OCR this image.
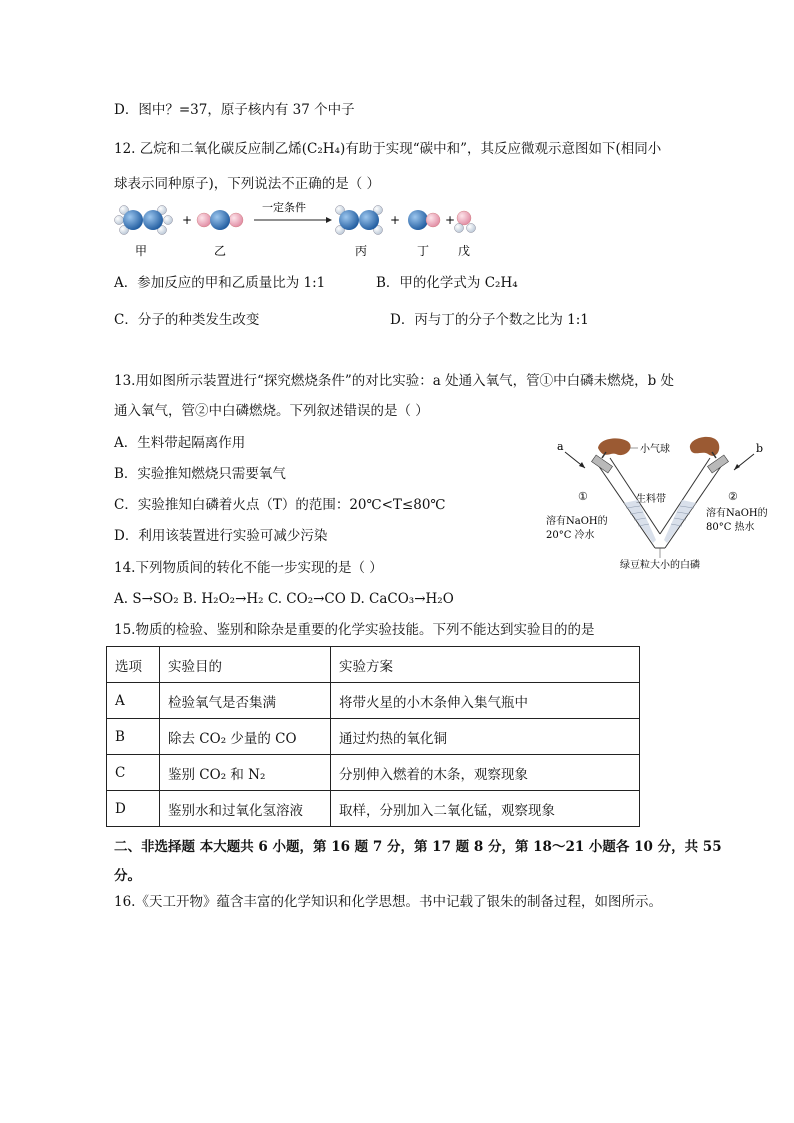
D．图中？=37，原子核内有 37 个中子
12. 乙烷和二氧化碳反应制乙烯(C₂H₄)有助于实现“碳中和”，其反应微观示意图如下(相同小
球表示同种原子)，下列说法不正确的是（ ）
+
一定条件
+	+
甲	乙	丙	丁 戊
A．参加反应的甲和乙质量比为 1:1	B．甲的化学式为 C₂H₄
C．分子的种类发生改变	D．丙与丁的分子个数之比为 1:1
13.用如图所示装置进行“探究燃烧条件”的对比实验：a 处通入氧气，管①中白磷未燃烧，b 处
通入氧气，管②中白磷燃烧。下列叙述错误的是（ ）
A．生料带起隔离作用
B．实验推知燃烧只需要氧气
C．实验推知白磷着火点（T）的范围：20℃<T≤80℃
D．利用该装置进行实验可减少污染
a	b
小气球
生料带
①	②
溶有NaOH的
20°C 冷水
溶有NaOH的
80°C 热水
绿豆粒大小的白磷
14.下列物质间的转化不能一步实现的是（ ）
A. S→SO₂ B. H₂O₂→H₂ C. CO₂→CO D. CaCO₃→H₂O
15.物质的检验、鉴别和除杂是重要的化学实验技能。下列不能达到实验目的的是
选项	实验目的	实验方案
A	检验氧气是否集满	将带火星的小木条伸入集气瓶中
B	除去 CO₂ 少量的 CO	通过灼热的氧化铜
C	鉴别 CO₂ 和 N₂	分别伸入燃着的木条，观察现象
D	鉴别水和过氧化氢溶液	取样，分别加入二氧化锰，观察现象
二、非选择题 本大题共 6 小题，第 16 题 7 分，第 17 题 8 分，第 18～21 小题各 10 分，共 55
分。
16.《天工开物》蕴含丰富的化学知识和化学思想。书中记载了银朱的制备过程，如图所示。
